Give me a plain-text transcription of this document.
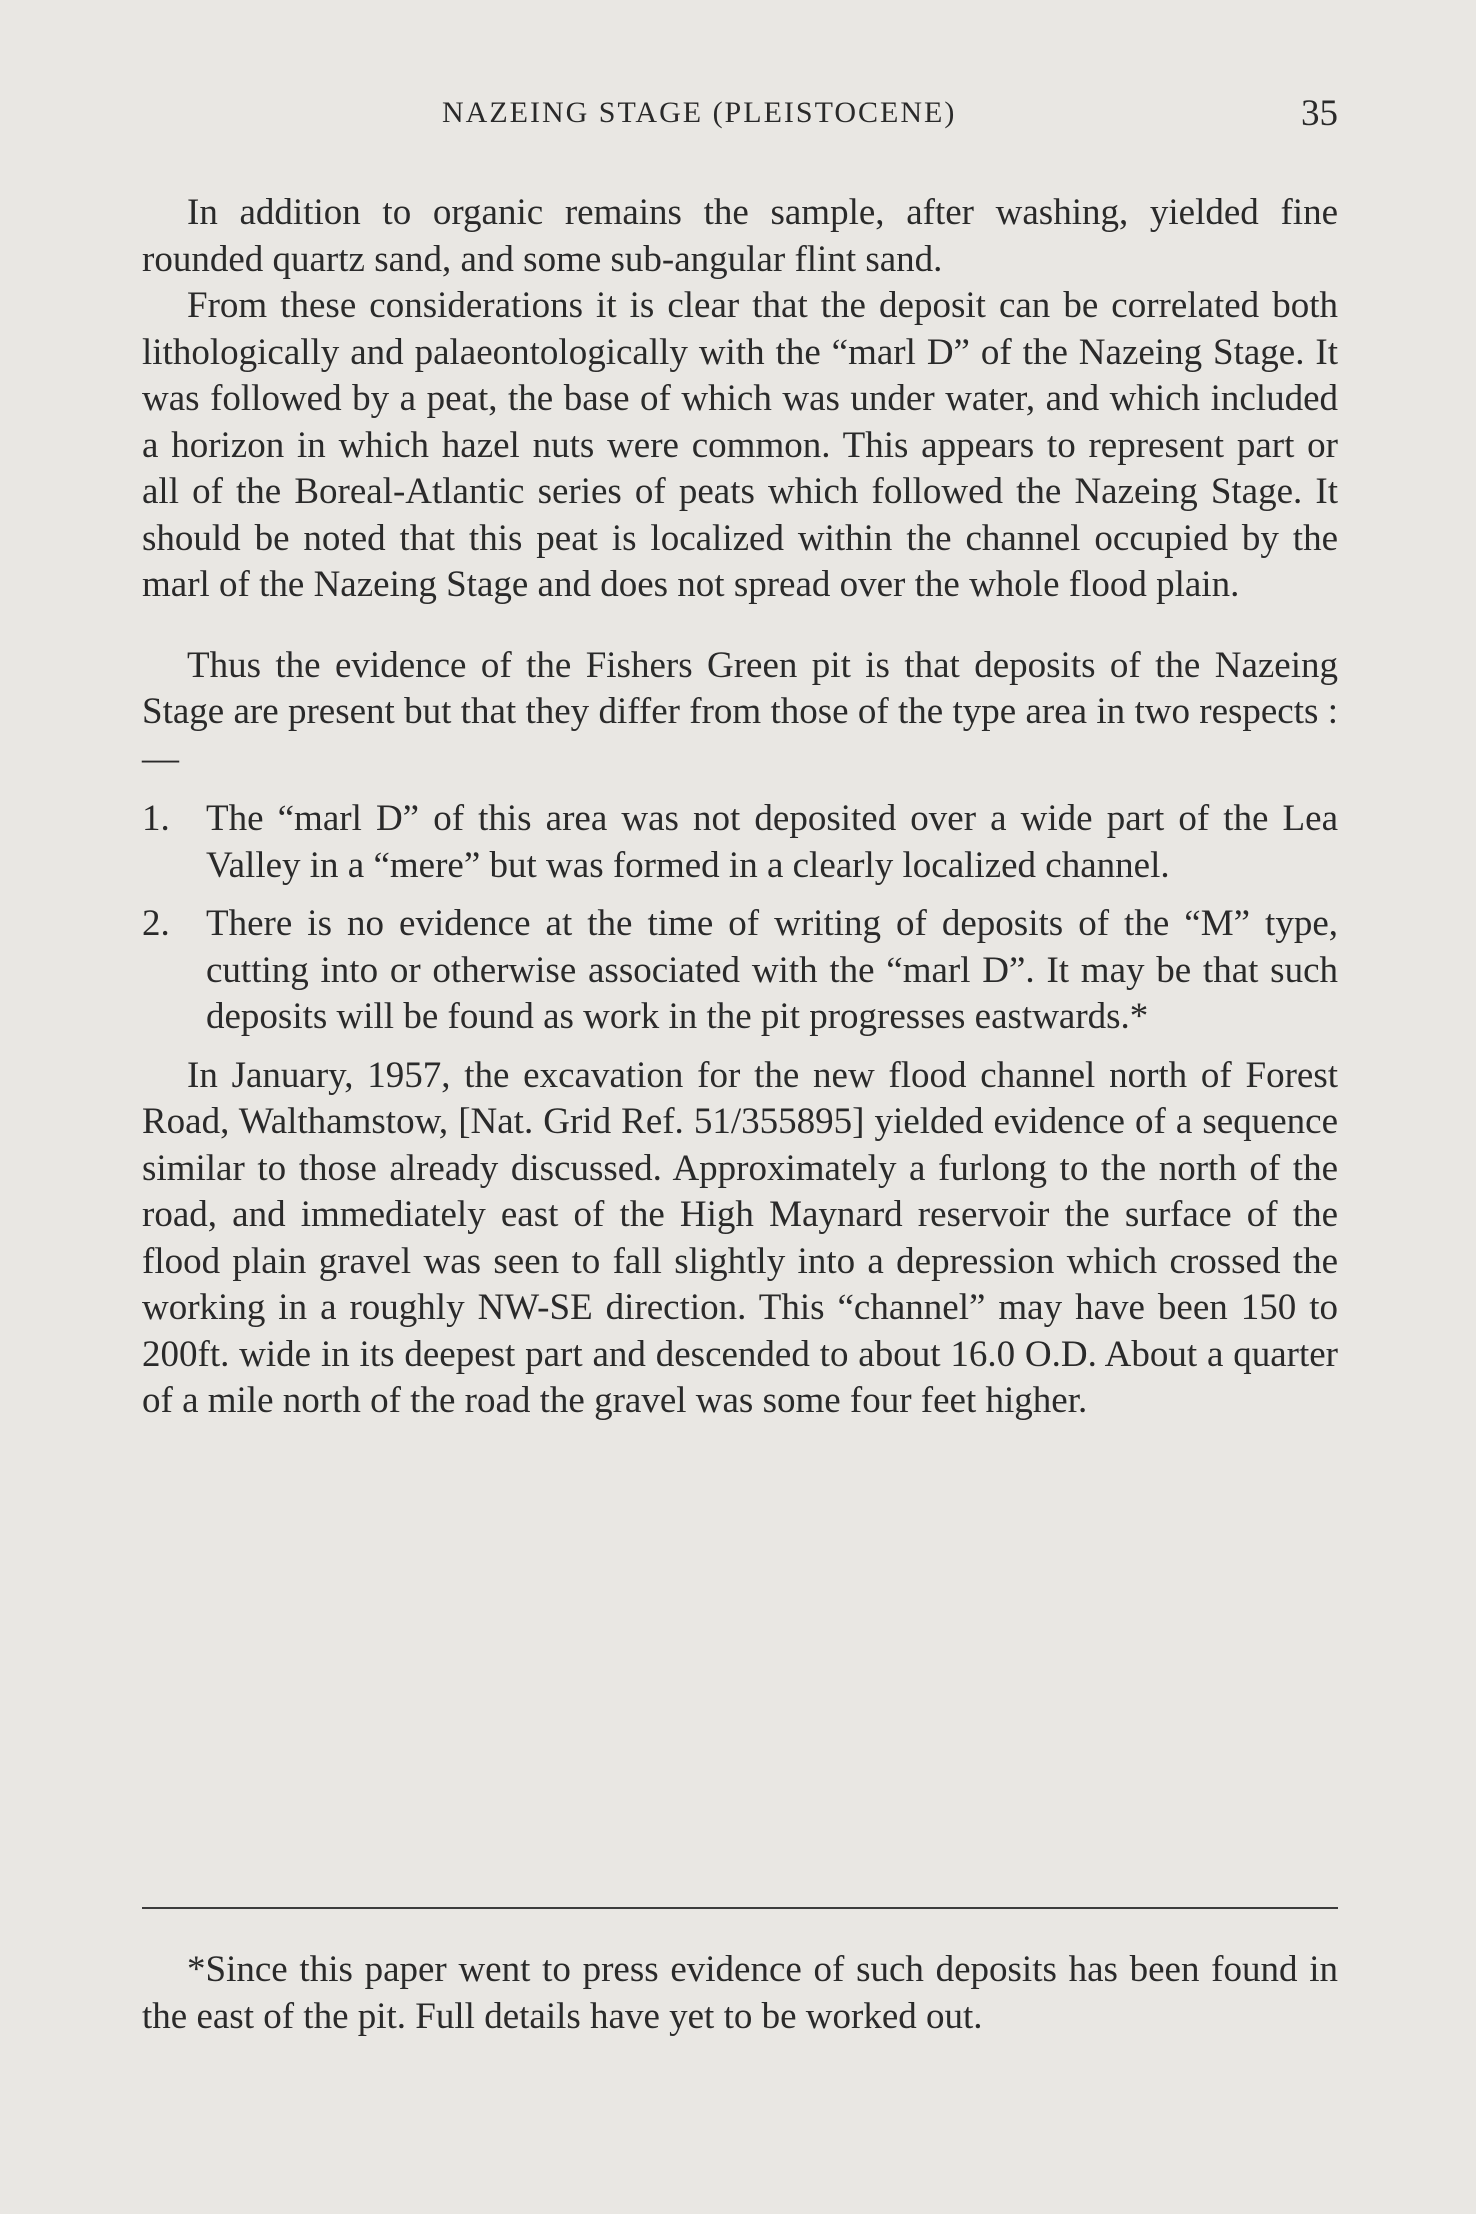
NAZEING STAGE (PLEISTOCENE)	35

In addition to organic remains the sample, after washing, yielded fine rounded quartz sand, and some sub-angular flint sand.

From these considerations it is clear that the deposit can be correlated both lithologically and palaeontologically with the “marl D” of the Nazeing Stage. It was followed by a peat, the base of which was under water, and which included a horizon in which hazel nuts were common. This appears to represent part or all of the Boreal-Atlantic series of peats which followed the Nazeing Stage. It should be noted that this peat is localized within the channel occupied by the marl of the Nazeing Stage and does not spread over the whole flood plain.

Thus the evidence of the Fishers Green pit is that deposits of the Nazeing Stage are present but that they differ from those of the type area in two respects :—

1. The “marl D” of this area was not deposited over a wide part of the Lea Valley in a “mere” but was formed in a clearly localized channel.
2. There is no evidence at the time of writing of deposits of the “M” type, cutting into or otherwise associated with the “marl D”. It may be that such deposits will be found as work in the pit progresses eastwards.*

In January, 1957, the excavation for the new flood channel north of Forest Road, Walthamstow, [Nat. Grid Ref. 51/355895] yielded evidence of a sequence similar to those already discussed. Approximately a furlong to the north of the road, and immediately east of the High Maynard reservoir the surface of the flood plain gravel was seen to fall slightly into a depression which crossed the working in a roughly NW-SE direction. This “channel” may have been 150 to 200ft. wide in its deepest part and descended to about 16.0 O.D. About a quarter of a mile north of the road the gravel was some four feet higher.

*Since this paper went to press evidence of such deposits has been found in the east of the pit. Full details have yet to be worked out.
